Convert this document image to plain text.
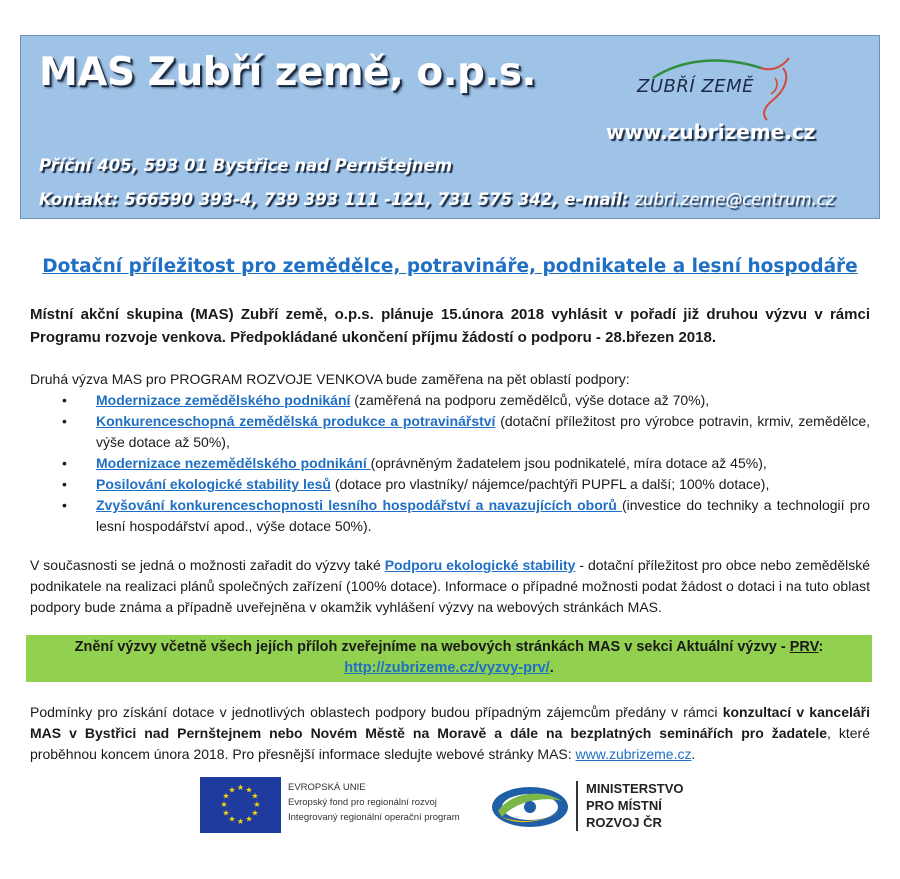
MAS Zubří země, o.p.s.	ZUBŘÍ ZEMĚ
www.zubrizeme.cz
Příční 405, 593 01 Bystřice nad Pernštejnem
Kontakt: 566590 393-4, 739 393 111 -121, 731 575 342, e-mail: zubri.zeme@centrum.cz
Dotační příležitost pro zemědělce, potravináře, podnikatele a lesní hospodáře
Místní akční skupina (MAS) Zubří země, o.p.s. plánuje 15.února 2018 vyhlásit v pořadí již druhou výzvu v rámci Programu rozvoje venkova. Předpokládané ukončení příjmu žádostí o podporu - 28.březen 2018.
Druhá výzva MAS pro PROGRAM ROZVOJE VENKOVA bude zaměřena na pět oblastí podpory:
• Modernizace zemědělského podnikání (zaměřená na podporu zemědělců, výše dotace až 70%),
• Konkurenceschopná zemědělská produkce a potravinářství (dotační příležitost pro výrobce potravin, krmiv, zemědělce, výše dotace až 50%),
• Modernizace nezemědělského podnikání (oprávněným žadatelem jsou podnikatelé, míra dotace až 45%),
• Posilování ekologické stability lesů (dotace pro vlastníky/ nájemce/pachtýři PUPFL a další; 100% dotace),
• Zvyšování konkurenceschopnosti lesního hospodářství a navazujících oborů (investice do techniky a technologií pro lesní hospodářství apod., výše dotace 50%).
V současnosti se jedná o možnosti zařadit do výzvy také Podporu ekologické stability - dotační příležitost pro obce nebo zemědělské podnikatele na realizaci plánů společných zařízení (100% dotace). Informace o případné možnosti podat žádost o dotaci i na tuto oblast podpory bude známa a případně uveřejněna v okamžik vyhlášení výzvy na webových stránkách MAS.
Znění výzvy včetně všech jejích příloh zveřejníme na webových stránkách MAS v sekci Aktuální výzvy - PRV:
http://zubrizeme.cz/vyzvy-prv/.
Podmínky pro získání dotace v jednotlivých oblastech podpory budou případným zájemcům předány v rámci konzultací v kanceláři MAS v Bystřici nad Pernštejnem nebo Novém Městě na Moravě a dále na bezplatných seminářích pro žadatele, které proběhnou koncem února 2018. Pro přesnější informace sledujte webové stránky MAS: www.zubrizeme.cz.
★ ★
★
★
★
★
★
★
★
★
★
★	EVROPSKÁ UNIE
Evropský fond pro regionální rozvoj
Integrovaný regionální operační program
MINISTERSTVO
PRO MÍSTNÍ
ROZVOJ ČR
